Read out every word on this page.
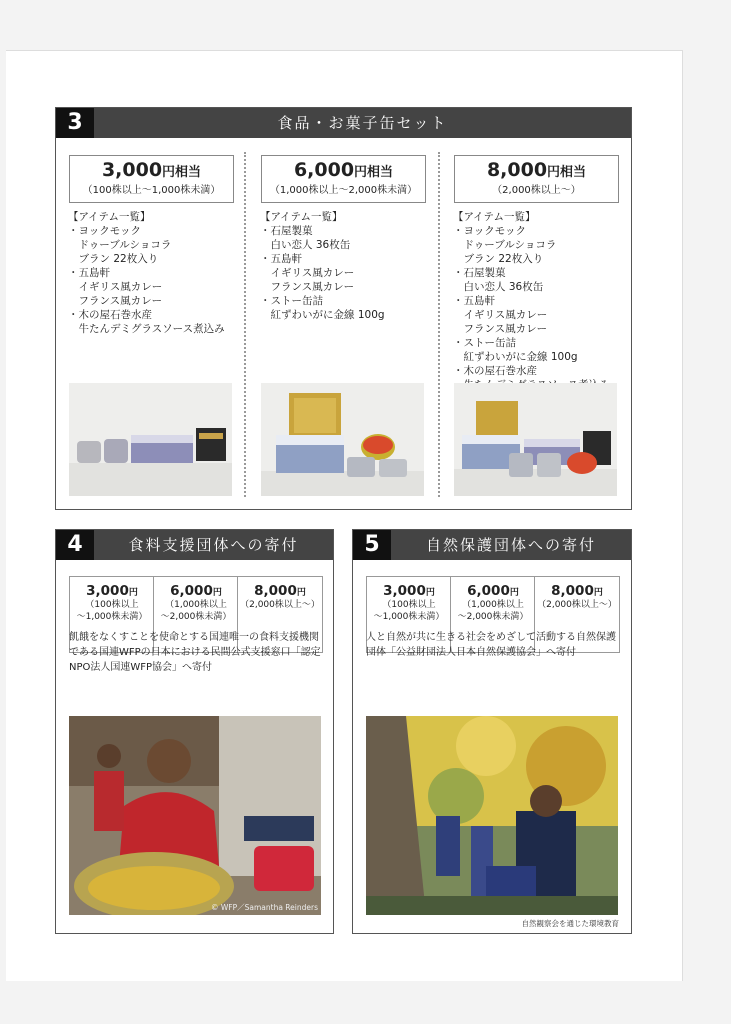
3	食品・お菓子缶セット
3,000円相当
（100株以上〜1,000株未満）
【アイテム一覧】
・ヨックモック
　ドゥーブルショコラ
　ブラン 22枚入り
・五島軒
　イギリス風カレー
　フランス風カレー
・木の屋石巻水産
　牛たんデミグラスソース煮込み
6,000円相当
（1,000株以上〜2,000株未満）
【アイテム一覧】
・石屋製菓
　白い恋人 36枚缶
・五島軒
　イギリス風カレー
　フランス風カレー
・ストー缶詰
　紅ずわいがに金線 100g
8,000円相当
（2,000株以上〜）
【アイテム一覧】
・ヨックモック
　ドゥーブルショコラ
　ブラン 22枚入り
・石屋製菓
　白い恋人 36枚缶
・五島軒
　イギリス風カレー
　フランス風カレー
・ストー缶詰
　紅ずわいがに金線 100g
・木の屋石巻水産

4	食料支援団体への寄付
3,000円
（100株以上
〜1,000株未満）
6,000円
（1,000株以上
〜2,000株未満）
8,000円
（2,000株以上〜）
飢餓をなくすことを使命とする国連唯一の食料支援機関である国連WFPの日本における民間公式支援窓口「認定NPO法人国連WFP協会」へ寄付
© WFP／Samantha Reinders
5	自然保護団体への寄付
3,000円
（100株以上
〜1,000株未満）
6,000円
（1,000株以上
〜2,000株未満）
8,000円
（2,000株以上〜）
人と自然が共に生きる社会をめざして活動する自然保護団体「公益財団法人日本自然保護協会」へ寄付
自然観察会を通じた環境教育
